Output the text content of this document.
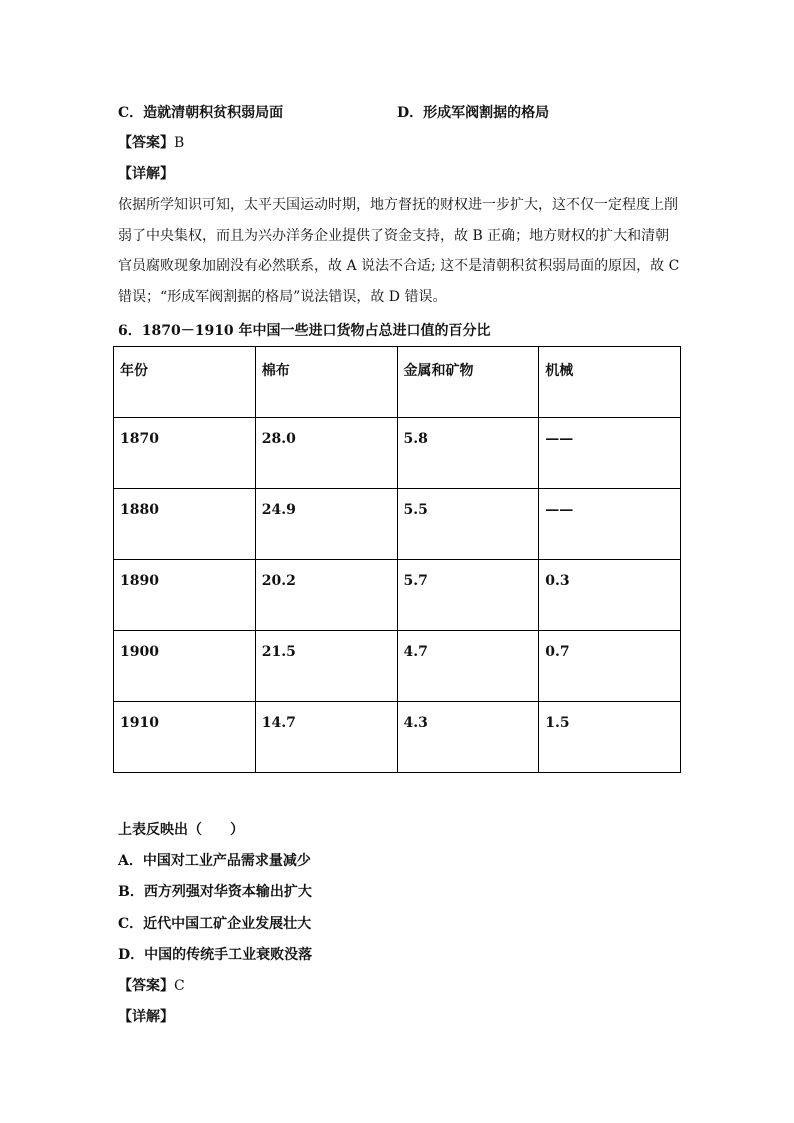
C．造就清朝积贫积弱局面	D．形成军阀割据的格局
【答案】B
【详解】
依据所学知识可知，太平天国运动时期，地方督抚的财权进一步扩大，这不仅一定程度上削
弱了中央集权，而且为兴办洋务企业提供了资金支持，故 B 正确；地方财权的扩大和清朝
官员腐败现象加剧没有必然联系，故 A 说法不合适; 这不是清朝积贫积弱局面的原因，故 C
错误；“形成军阀割据的格局”说法错误，故 D 错误。
6．1870－1910 年中国一些进口货物占总进口值的百分比
年份	棉布	金属和矿物	机械
1870	28.0	5.8	——
1880	24.9	5.5	——
1890	20.2	5.7	0.3
1900	21.5	4.7	0.7
1910	14.7	4.3	1.5
上表反映出（　　）
A．中国对工业产品需求量减少
B．西方列强对华资本输出扩大
C．近代中国工矿企业发展壮大
D．中国的传统手工业衰败没落
【答案】C
【详解】
